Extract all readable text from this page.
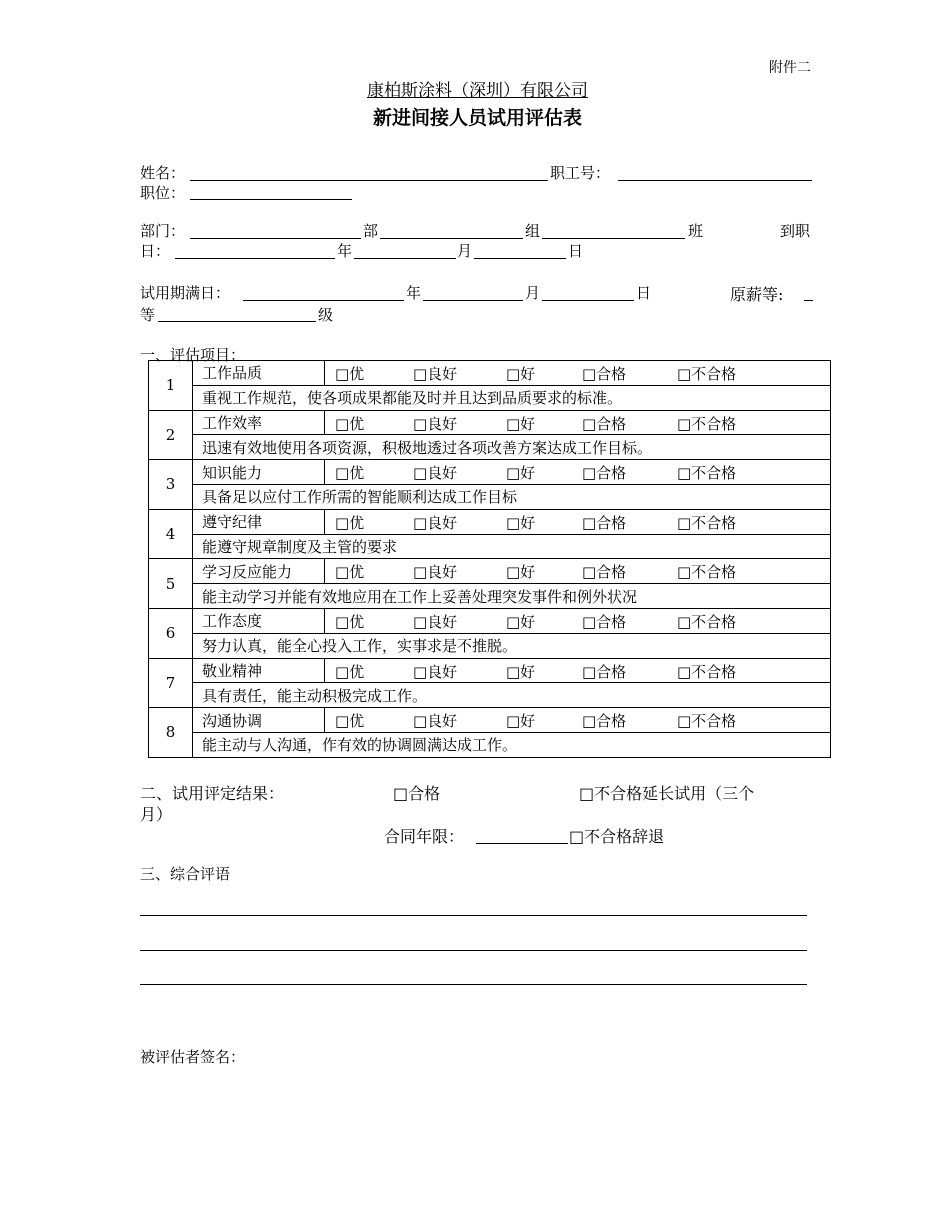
附件二
康柏斯涂料（深圳）有限公司
新进间接人员试用评估表
姓名：	职工号：
职位：
部门：	部	组	班	到职
日：	年	月	日
试用期满日：	年	月	日	原薪等:
等	级
一、评估项目：
1	工作品质	□优 □良好 □好 □合格 □不合格

	重视工作规范，使各项成果都能及时并且达到品质要求的标准。	
2	工作效率	□优 □良好 □好 □合格 □不合格

	迅速有效地使用各项资源，积极地透过各项改善方案达成工作目标。	
3	知识能力	□优 □良好 □好 □合格 □不合格

	具备足以应付工作所需的智能顺利达成工作目标	
4	遵守纪律	□优 □良好 □好 □合格 □不合格

	能遵守规章制度及主管的要求	
5	学习反应能力	□优 □良好 □好 □合格 □不合格

	能主动学习并能有效地应用在工作上妥善处理突发事件和例外状况	
6	工作态度	□优 □良好 □好 □合格 □不合格

	努力认真，能全心投入工作，实事求是不推脱。	
7	敬业精神	□优 □良好 □好 □合格 □不合格

	具有责任，能主动积极完成工作。	
8	沟通协调	□优 □良好 □好 □合格 □不合格

	能主动与人沟通，作有效的协调圆满达成工作。	
二、试用评定结果：	□合格	□不合格延长试用（三个
月）
合同年限：	□不合格辞退
三、综合评语
被评估者签名：
